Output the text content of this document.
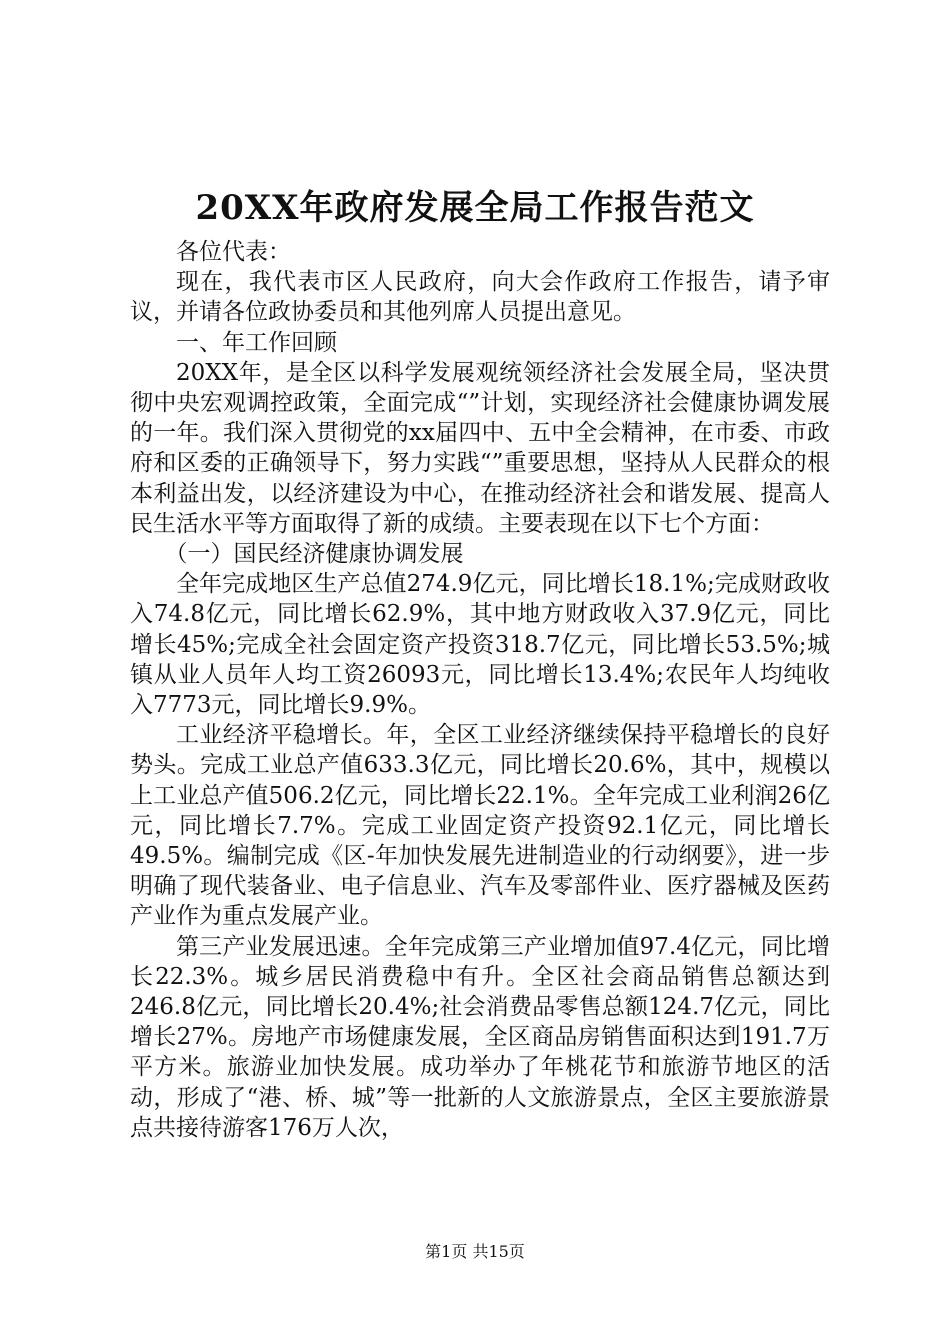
20XX年政府发展全局工作报告范文

各位代表：

现在，我代表市区人民政府，向大会作政府工作报告，请予审议，并请各位政协委员和其他列席人员提出意见。

一、年工作回顾

20XX年，是全区以科学发展观统领经济社会发展全局，坚决贯彻中央宏观调控政策，全面完成“”计划，实现经济社会健康协调发展的一年。我们深入贯彻党的xx届四中、五中全会精神，在市委、市政府和区委的正确领导下，努力实践“”重要思想，坚持从人民群众的根本利益出发，以经济建设为中心，在推动经济社会和谐发展、提高人民生活水平等方面取得了新的成绩。主要表现在以下七个方面：

（一）国民经济健康协调发展

全年完成地区生产总值274.9亿元，同比增长18.1%;完成财政收入74.8亿元，同比增长62.9%，其中地方财政收入37.9亿元，同比增长45%;完成全社会固定资产投资318.7亿元，同比增长53.5%;城镇从业人员年人均工资26093元，同比增长13.4%;农民年人均纯收入7773元，同比增长9.9%。

工业经济平稳增长。年，全区工业经济继续保持平稳增长的良好势头。完成工业总产值633.3亿元，同比增长20.6%，其中，规模以上工业总产值506.2亿元，同比增长22.1%。全年完成工业利润26亿元，同比增长7.7%。完成工业固定资产投资92.1亿元，同比增长49.5%。编制完成《区-年加快发展先进制造业的行动纲要》，进一步明确了现代装备业、电子信息业、汽车及零部件业、医疗器械及医药产业作为重点发展产业。

第三产业发展迅速。全年完成第三产业增加值97.4亿元，同比增长22.3%。城乡居民消费稳中有升。全区社会商品销售总额达到246.8亿元，同比增长20.4%;社会消费品零售总额124.7亿元，同比增长27%。房地产市场健康发展，全区商品房销售面积达到191.7万平方米。旅游业加快发展。成功举办了年桃花节和旅游节地区的活动，形成了“港、桥、城”等一批新的人文旅游景点，全区主要旅游景点共接待游客176万人次，

第1页 共15页
